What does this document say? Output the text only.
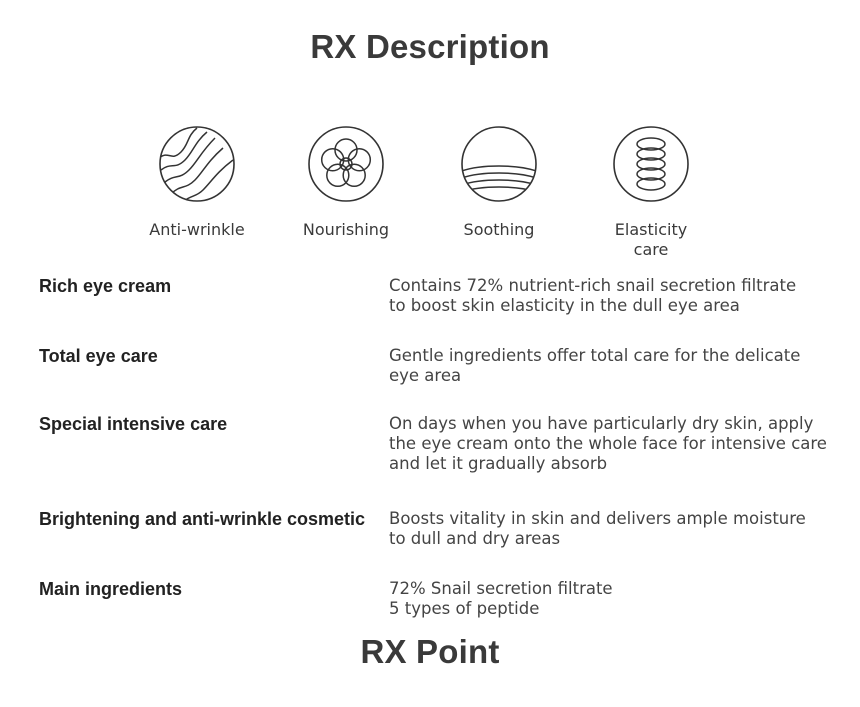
RX Description
Anti-wrinkle	Nourishing	Soothing	Elasticity care
Rich eye cream	Contains 72% nutrient-rich snail secretion filtrate
to boost skin elasticity in the dull eye area
Total eye care	Gentle ingredients offer total care for the delicate
eye area
Special intensive care	On days when you have particularly dry skin, apply
the eye cream onto the whole face for intensive care
and let it gradually absorb
Brightening and anti-wrinkle cosmetic Boosts vitality in skin and delivers ample moisture
to dull and dry areas
Main ingredients	72% Snail secretion filtrate
5 types of peptide
RX Point
